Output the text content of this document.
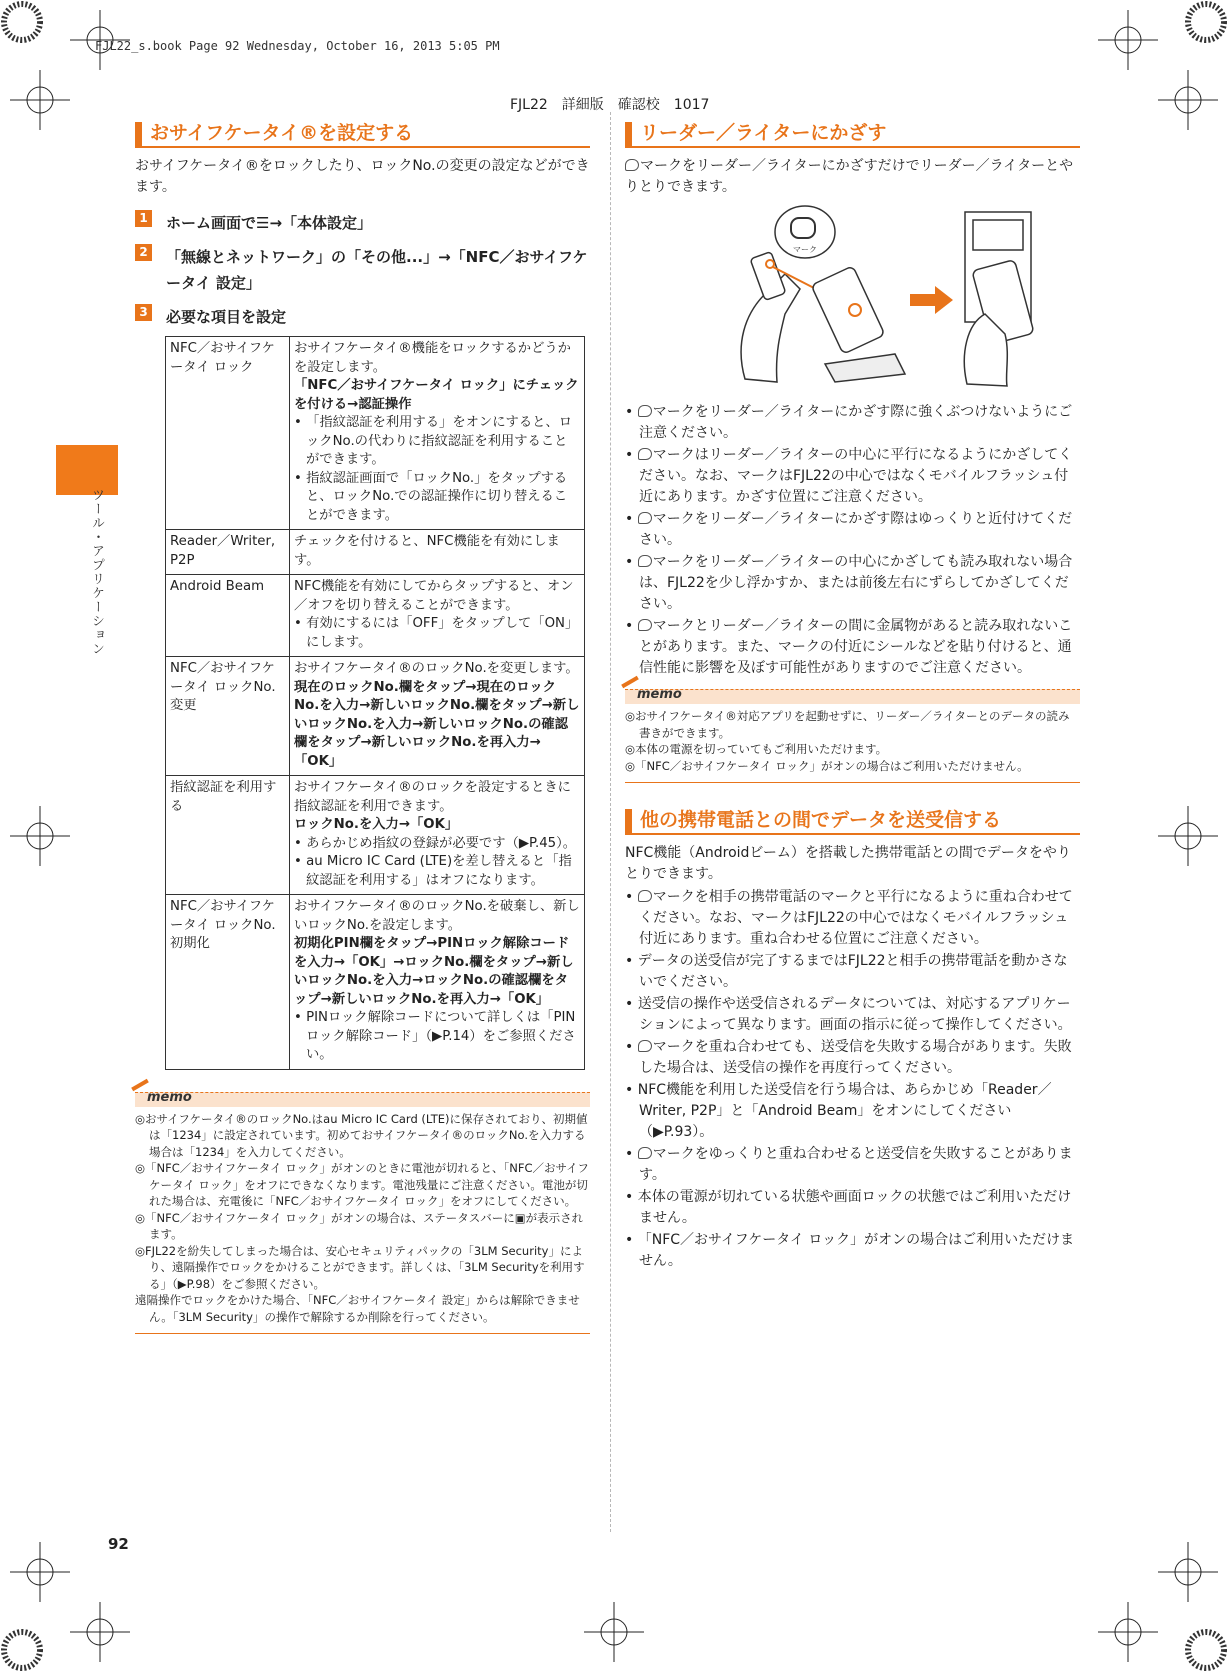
FJL22_s.book Page 92 Wednesday, October 16, 2013 5:05 PM
FJL22　詳細版　確認校　1017
ツール・アプリケーション
92
おサイフケータイ®を設定する
おサイフケータイ®をロックしたり、ロックNo.の変更の設定などができます。
1 ホーム画面で☰→「本体設定」
2 「無線とネットワーク」の「その他...」→「NFC／おサイフケータイ 設定」
3 必要な項目を設定
NFC／おサイフケータイ ロック	おサイフケータイ®機能をロックするかどうかを設定します。
「NFC／おサイフケータイ ロック」にチェックを付ける→認証操作
• 「指紋認証を利用する」をオンにすると、ロックNo.の代わりに指紋認証を利用することができます。
• 指紋認証画面で「ロックNo.」をタップすると、ロックNo.での認証操作に切り替えることができます。

Reader／Writer, P2P	チェックを付けると、NFC機能を有効にします。

Android Beam	NFC機能を有効にしてからタップすると、オン／オフを切り替えることができます。
• 有効にするには「OFF」をタップして「ON」にします。

NFC／おサイフケータイ ロックNo.変更	おサイフケータイ®のロックNo.を変更します。
現在のロックNo.欄をタップ→現在のロックNo.を入力→新しいロックNo.欄をタップ→新しいロックNo.を入力→新しいロックNo.の確認欄をタップ→新しいロックNo.を再入力→「OK」

指紋認証を利用する	おサイフケータイ®のロックを設定するときに指紋認証を利用できます。
ロックNo.を入力→「OK」
• あらかじめ指紋の登録が必要です（▶P.45）。
• au Micro IC Card (LTE)を差し替えると「指紋認証を利用する」はオフになります。

NFC／おサイフケータイ ロックNo.初期化	おサイフケータイ®のロックNo.を破棄し、新しいロックNo.を設定します。
初期化PIN欄をタップ→PINロック解除コードを入力→「OK」→ロックNo.欄をタップ→新しいロックNo.を入力→ロックNo.の確認欄をタップ→新しいロックNo.を再入力→「OK」
• PINロック解除コードについて詳しくは「PINロック解除コード」（▶P.14）をご参照ください。
memo
◎おサイフケータイ®のロックNo.はau Micro IC Card (LTE)に保存されており、初期値は「1234」に設定されています。初めておサイフケータイ®のロックNo.を入力する場合は「1234」を入力してください。
◎「NFC／おサイフケータイ ロック」がオンのときに電池が切れると、「NFC／おサイフケータイ ロック」をオフにできなくなります。電池残量にご注意ください。電池が切れた場合は、充電後に「NFC／おサイフケータイ ロック」をオフにしてください。
◎「NFC／おサイフケータイ ロック」がオンの場合は、ステータスバーに▣が表示されます。
◎FJL22を紛失してしまった場合は、安心セキュリティパックの「3LM Security」により、遠隔操作でロックをかけることができます。詳しくは、「3LM Securityを利用する」（▶P.98）をご参照ください。
遠隔操作でロックをかけた場合、「NFC／おサイフケータイ 設定」からは解除できません。「3LM Security」の操作で解除するか削除を行ってください。
リーダー／ライターにかざす
マークをリーダー／ライターにかざすだけでリーダー／ライターとやりとりできます。
マーク
• マークをリーダー／ライターにかざす際に強くぶつけないようにご注意ください。
• マークはリーダー／ライターの中心に平行になるようにかざしてください。なお、マークはFJL22の中心ではなくモバイルフラッシュ付近にあります。かざす位置にご注意ください。
• マークをリーダー／ライターにかざす際はゆっくりと近付けてください。
• マークをリーダー／ライターの中心にかざしても読み取れない場合は、FJL22を少し浮かすか、または前後左右にずらしてかざしてください。
• マークとリーダー／ライターの間に金属物があると読み取れないことがあります。また、マークの付近にシールなどを貼り付けると、通信性能に影響を及ぼす可能性がありますのでご注意ください。
memo
◎おサイフケータイ®対応アプリを起動せずに、リーダー／ライターとのデータの読み書きができます。
◎本体の電源を切っていてもご利用いただけます。
◎「NFC／おサイフケータイ ロック」がオンの場合はご利用いただけません。
他の携帯電話との間でデータを送受信する
NFC機能（Androidビーム）を搭載した携帯電話との間でデータをやりとりできます。
• マークを相手の携帯電話のマークと平行になるように重ね合わせてください。なお、マークはFJL22の中心ではなくモバイルフラッシュ付近にあります。重ね合わせる位置にご注意ください。
• データの送受信が完了するまではFJL22と相手の携帯電話を動かさないでください。
• 送受信の操作や送受信されるデータについては、対応するアプリケーションによって異なります。画面の指示に従って操作してください。
• マークを重ね合わせても、送受信を失敗する場合があります。失敗した場合は、送受信の操作を再度行ってください。
• NFC機能を利用した送受信を行う場合は、あらかじめ「Reader／Writer, P2P」と「Android Beam」をオンにしてください（▶P.93）。
• マークをゆっくりと重ね合わせると送受信を失敗することがあります。
• 本体の電源が切れている状態や画面ロックの状態ではご利用いただけません。
• 「NFC／おサイフケータイ ロック」がオンの場合はご利用いただけません。
